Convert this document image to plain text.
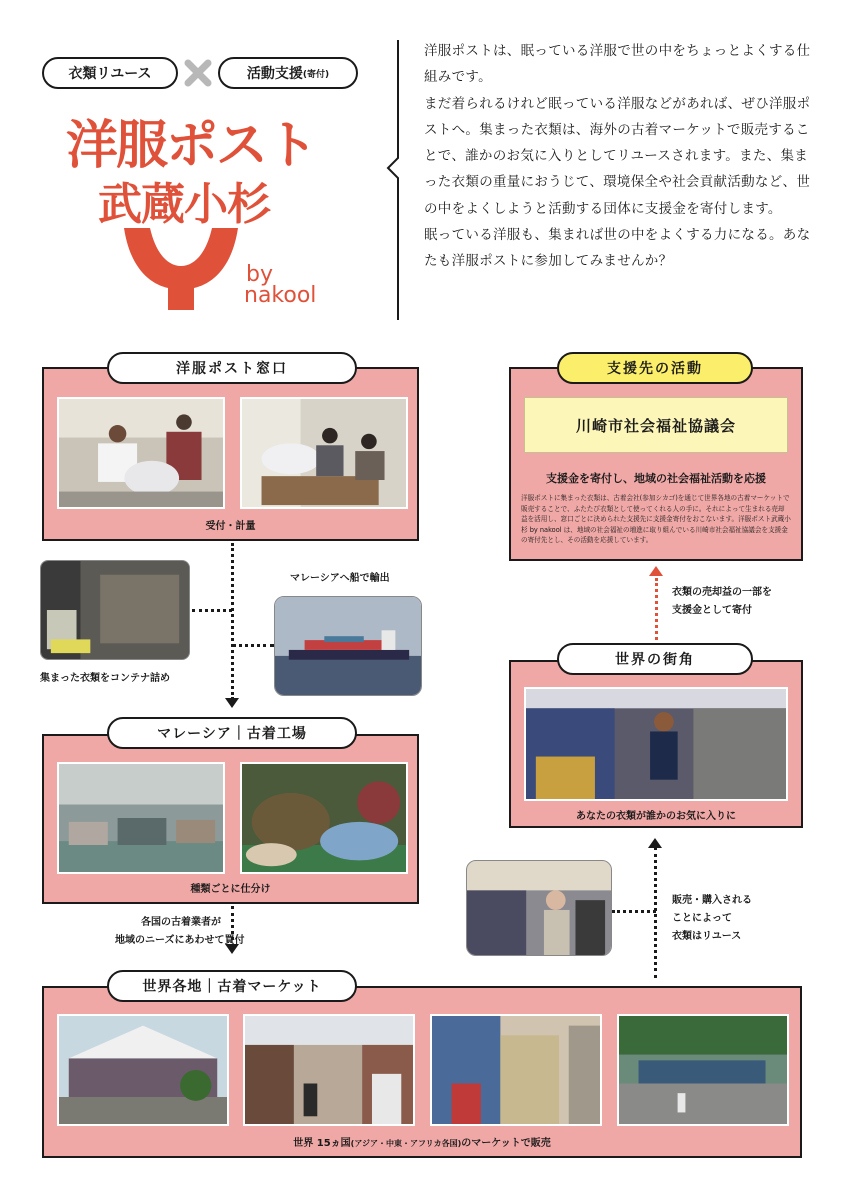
衣類リユース	活動支援 (寄付)
洋服ポスト
武蔵小杉
by
nakool

洋服ポストは、眠っている洋服で世の中をちょっとよくする仕組みです。

まだ着られるけれど眠っている洋服などがあれば、ぜひ洋服ポストへ。集まった衣類は、海外の古着マーケットで販売することで、誰かのお気に入りとしてリユースされます。また、集まった衣類の重量におうじて、環境保全や社会貢献活動など、世の中をよくしようと活動する団体に支援金を寄付します。

眠っている洋服も、集まれば世の中をよくする力になる。あなたも洋服ポストに参加してみませんか？

洋服ポスト窓口
受付・計量
集まった衣類をコンテナ詰め
マレーシアへ船で輸出
マレーシア｜古着工場
種類ごとに仕分け
各国の古着業者が
地域のニーズにあわせて買付
世界各地｜古着マーケット
世界 15ヵ国(アジア・中東・アフリカ各国)のマーケットで販売
販売・購入される
ことによって
衣類はリユース
世界の街角
あなたの衣類が誰かのお気に入りに
衣類の売却益の一部を
支援金として寄付
支援先の活動
川崎市社会福祉協議会
支援金を寄付し、地域の社会福祉活動を応援
洋服ポストに集まった衣類は、古着会社(参加シカゴ)を通じて世界各地の古着マーケットで販売することで、ふたたび衣類として使ってくれる人の手に。それによって生まれる売却益を活用し、窓口ごとに決められた支援先に支援金寄付をおこないます。洋服ポスト武蔵小杉 by nakool は、地域の社会福祉の増進に取り組んでいる川崎市社会福祉協議会を支援金の寄付先とし、その活動を応援しています。
